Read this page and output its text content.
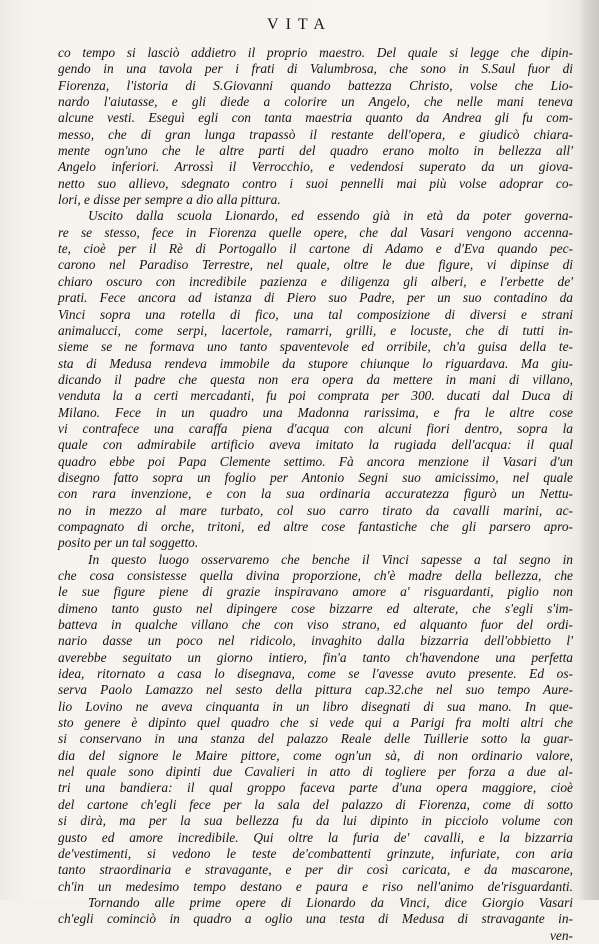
VITA
co tempo si lasciò addietro il proprio maestro. Del quale si legge che dipin-
gendo in una tavola per i frati di Valumbrosa, che sono in S.Saul fuor di
Fiorenza, l'istoria di S.Giovanni quando battezza Christo, volse che Lio-
nardo l'aiutasse, e gli diede a colorire un Angelo, che nelle mani teneva
alcune vesti. Eseguì egli con tanta maestria quanto da Andrea gli fu com-
messo, che di gran lunga trapassò il restante dell'opera, e giudicò chiara-
mente ogn'uno che le altre parti del quadro erano molto in bellezza all'
Angelo inferiori. Arrossì il Verrocchio, e vedendosi superato da un giova-
netto suo allievo, sdegnato contro i suoi pennelli mai più volse adoprar co-
lori, e disse per sempre a dio alla pittura.
Uscito dalla scuola Lionardo, ed essendo già in età da poter governa-
re se stesso, fece in Fiorenza quelle opere, che dal Vasari vengono accenna-
te, cioè per il Rè di Portogallo il cartone di Adamo e d'Eva quando pec-
carono nel Paradiso Terrestre, nel quale, oltre le due figure, vi dipinse di
chiaro oscuro con incredibile pazienza e diligenza gli alberi, e l'erbette de'
prati. Fece ancora ad istanza di Piero suo Padre, per un suo contadino da
Vinci sopra una rotella di fico, una tal composizione di diversi e strani
animalucci, come serpi, lacertole, ramarri, grilli, e locuste, che di tutti in-
sieme se ne formava uno tanto spaventevole ed orribile, ch'a guisa della te-
sta di Medusa rendeva immobile da stupore chiunque lo riguardava. Ma giu-
dicando il padre che questa non era opera da mettere in mani di villano,
venduta la a certi mercadanti, fu poi comprata per 300. ducati dal Duca di
Milano. Fece in un quadro una Madonna rarissima, e fra le altre cose
vi contrafece una caraffa piena d'acqua con alcuni fiori dentro, sopra la
quale con admirabile artificio aveva imitato la rugiada dell'acqua: il qual
quadro ebbe poi Papa Clemente settimo. Fà ancora menzione il Vasari d'un
disegno fatto sopra un foglio per Antonio Segni suo amicissimo, nel quale
con rara invenzione, e con la sua ordinaria accuratezza figurò un Nettu-
no in mezzo al mare turbato, col suo carro tirato da cavalli marini, ac-
compagnato di orche, tritoni, ed altre cose fantastiche che gli parsero apro-
posito per un tal soggetto.
In questo luogo osservaremo che benche il Vinci sapesse a tal segno in
che cosa consistesse quella divina proporzione, ch'è madre della bellezza, che
le sue figure piene di grazie inspiravano amore a' risguardanti, piglio non
dimeno tanto gusto nel dipingere cose bizzarre ed alterate, che s'egli s'im-
batteva in qualche villano che con viso strano, ed alquanto fuor del ordi-
nario dasse un poco nel ridicolo, invaghito dalla bizzarria dell'obbietto l'
averebbe seguitato un giorno intiero, fin'a tanto ch'havendone una perfetta
idea, ritornato a casa lo disegnava, come se l'avesse avuto presente. Ed os-
serva Paolo Lamazzo nel sesto della pittura cap.32.che nel suo tempo Aure-
lio Lovino ne aveva cinquanta in un libro disegnati di sua mano. In que-
sto genere è dipinto quel quadro che si vede qui a Parigi fra molti altri che
si conservano in una stanza del palazzo Reale delle Tuillerie sotto la guar-
dia del signore le Maire pittore, come ogn'un sà, di non ordinario valore,
nel quale sono dipinti due Cavalieri in atto di togliere per forza a due al-
tri una bandiera: il qual groppo faceva parte d'una opera maggiore, cioè
del cartone ch'egli fece per la sala del palazzo di Fiorenza, come di sotto
si dirà, ma per la sua bellezza fu da lui dipinto in picciolo volume con
gusto ed amore incredibile. Qui oltre la furia de' cavalli, e la bizzarria
de'vestimenti, si vedono le teste de'combattenti grinzute, infuriate, con aria
tanto straordinaria e stravagante, e per dir così caricata, e da mascarone,
ch'in un medesimo tempo destano e paura e riso nell'animo de'risguardanti.
Tornando alle prime opere di Lionardo da Vinci, dice Giorgio Vasari
ch'egli cominciò in quadro a oglio una testa di Medusa di stravagante in-
ven-
